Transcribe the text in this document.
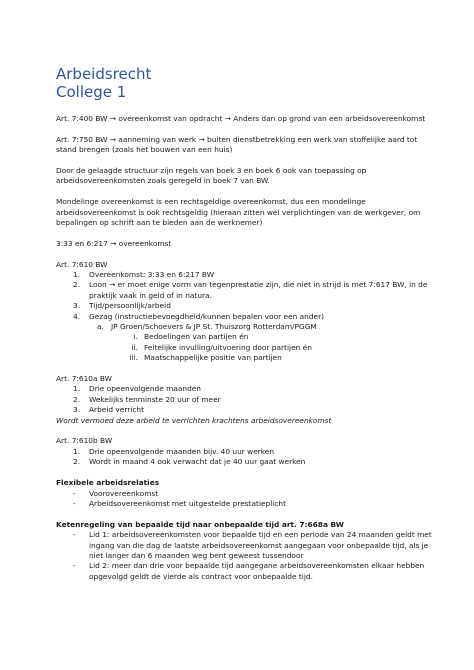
Arbeidsrecht
College 1

Art. 7:400 BW → overeenkomst van opdracht → Anders dan op grond van een arbeidsovereenkomst

Art. 7:750 BW → aanneming van werk → buiten dienstbetrekking een werk van stoffelijke aard tot stand brengen (zoals het bouwen van een huis)

Door de gelaagde structuur zijn regels van boek 3 en boek 6 ook van toepassing op arbeidsovereenkomsten zoals geregeld in boek 7 van BW.

Mondelinge overeenkomst is een rechtsgeldige overeenkomst, dus een mondelinge arbeidsovereenkomst is ook rechtsgeldig (hieraan zitten wel verplichtingen van de werkgever, om bepalingen op schrift aan te bieden aan de werknemer)

3:33 en 6:217 → overeenkomst

Art. 7:610 BW
1. Overeenkomst: 3:33 en 6:217 BW
2. Loon → er moet enige vorm van tegenprestatie zijn, die niet in strijd is met 7:617 BW, in de praktijk vaak in geld of in natura.
3. Tijd/persoonlijk/arbeid
4. Gezag (instructiebevoegdheid/kunnen bepalen voor een ander)
a. JP Groen/Schoevers & JP St. Thuiszorg Rotterdam/PGGM
i. Bedoelingen van partijen én
ii. Feitelijke invulling/uitvoering door partijen én
iii. Maatschappelijke positie van partijen
Art. 7:610a BW
1. Drie opeenvolgende maanden
2. Wekelijks tenminste 20 uur of meer
3. Arbeid verricht
Wordt vermoed deze arbeid te verrichten krachtens arbeidsovereenkomst
Art. 7:610b BW
1. Drie opeenvolgende maanden bijv. 40 uur werken
2. Wordt in maand 4 ook verwacht dat je 40 uur gaat werken
Flexibele arbeidsrelaties
- Vooroverеenkomst
- Arbeidsovereenkomst met uitgestelde prestatieplicht
Ketenregeling van bepaalde tijd naar onbepaalde tijd art. 7:668a BW
- Lid 1: arbeidsovereenkomsten voor bepaalde tijd en een periode van 24 maanden geldt met ingang van die dag de laatste arbeidsovereenkomst aangegaan voor onbepaalde tijd, als je niet langer dan 6 maanden weg bent geweest tussendoor
- Lid 2: meer dan drie voor bepaalde tijd aangegane arbeidsovereenkomsten elkaar hebben opgevolgd geldt de vierde als contract voor onbepaalde tijd.
